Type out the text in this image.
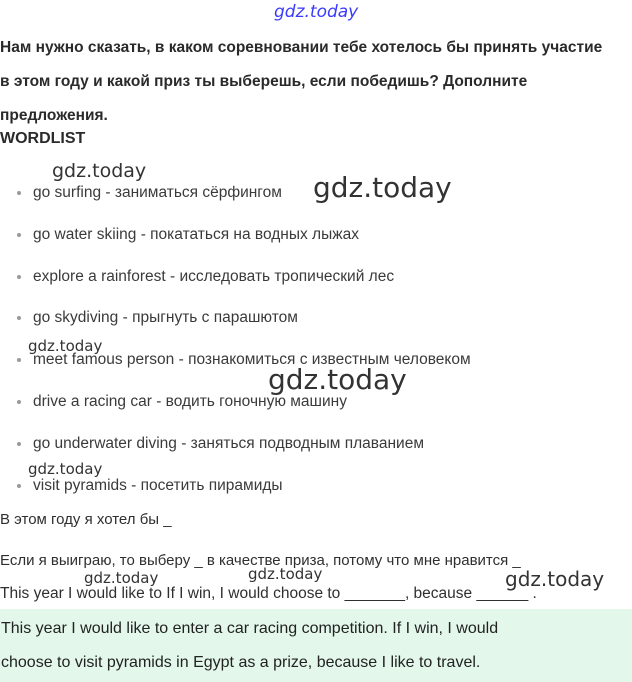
gdz.today
Нам нужно сказать, в каком соревновании тебе хотелось бы принять участие
в этом году и какой приз ты выберешь, если победишь? Дополните
предложения.
WORDLIST
go surfing - заниматься сёрфингом
go water skiing - покататься на водных лыжах
explore a rainforest - исследовать тропический лес
go skydiving - прыгнуть с парашютом
meet famous person - познакомиться с известным человеком
drive a racing car - водить гоночную машину
go underwater diving - заняться подводным плаванием
visit pyramids - посетить пирамиды

В этом году я хотел бы _

Если я выиграю, то выберу _ в качестве приза, потому что мне нравится _

This year I would like to If I win, I would choose to _______, because ______ .

This year I would like to enter a car racing competition. If I win, I would

choose to visit pyramids in Egypt as a prize, because I like to travel.

gdz.today	gdz.today
gdz.today
gdz.today
gdz.today
gdz.today	gdz.today	gdz.today
